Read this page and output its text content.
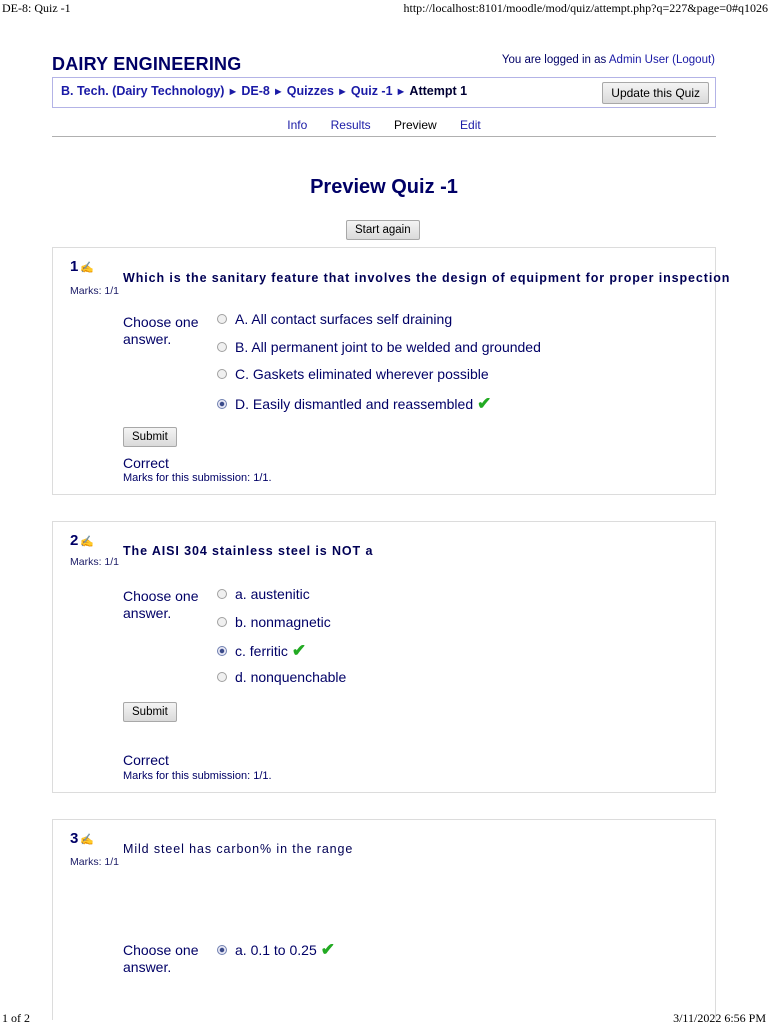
DE-8: Quiz -1	http://localhost:8101/moodle/mod/quiz/attempt.php?q=227&page=0#q1026
DAIRY ENGINEERING	You are logged in as Admin User (Logout)
B. Tech. (Dairy Technology) ► DE-8 ► Quizzes ► Quiz -1 ► Attempt 1	Update this Quiz
Info Results Preview Edit
Preview Quiz -1
Start again
1 ✍
Marks: 1/1
Which is the sanitary feature that involves the design of equipment for proper inspection
Choose one answer.
A. All contact surfaces self draining
B. All permanent joint to be welded and grounded
C. Gaskets eliminated wherever possible
D. Easily dismantled and reassembled ✔
Submit
Correct
Marks for this submission: 1/1.
2 ✍
Marks: 1/1
The AISI 304 stainless steel is NOT a
Choose one answer.
a. austenitic
b. nonmagnetic
c. ferritic ✔
d. nonquenchable
Submit
Correct
Marks for this submission: 1/1.
3 ✍
Marks: 1/1
Mild steel has carbon% in the range
Choose one answer.
a. 0.1 to 0.25 ✔
1 of 2	3/11/2022 6:56 PM
